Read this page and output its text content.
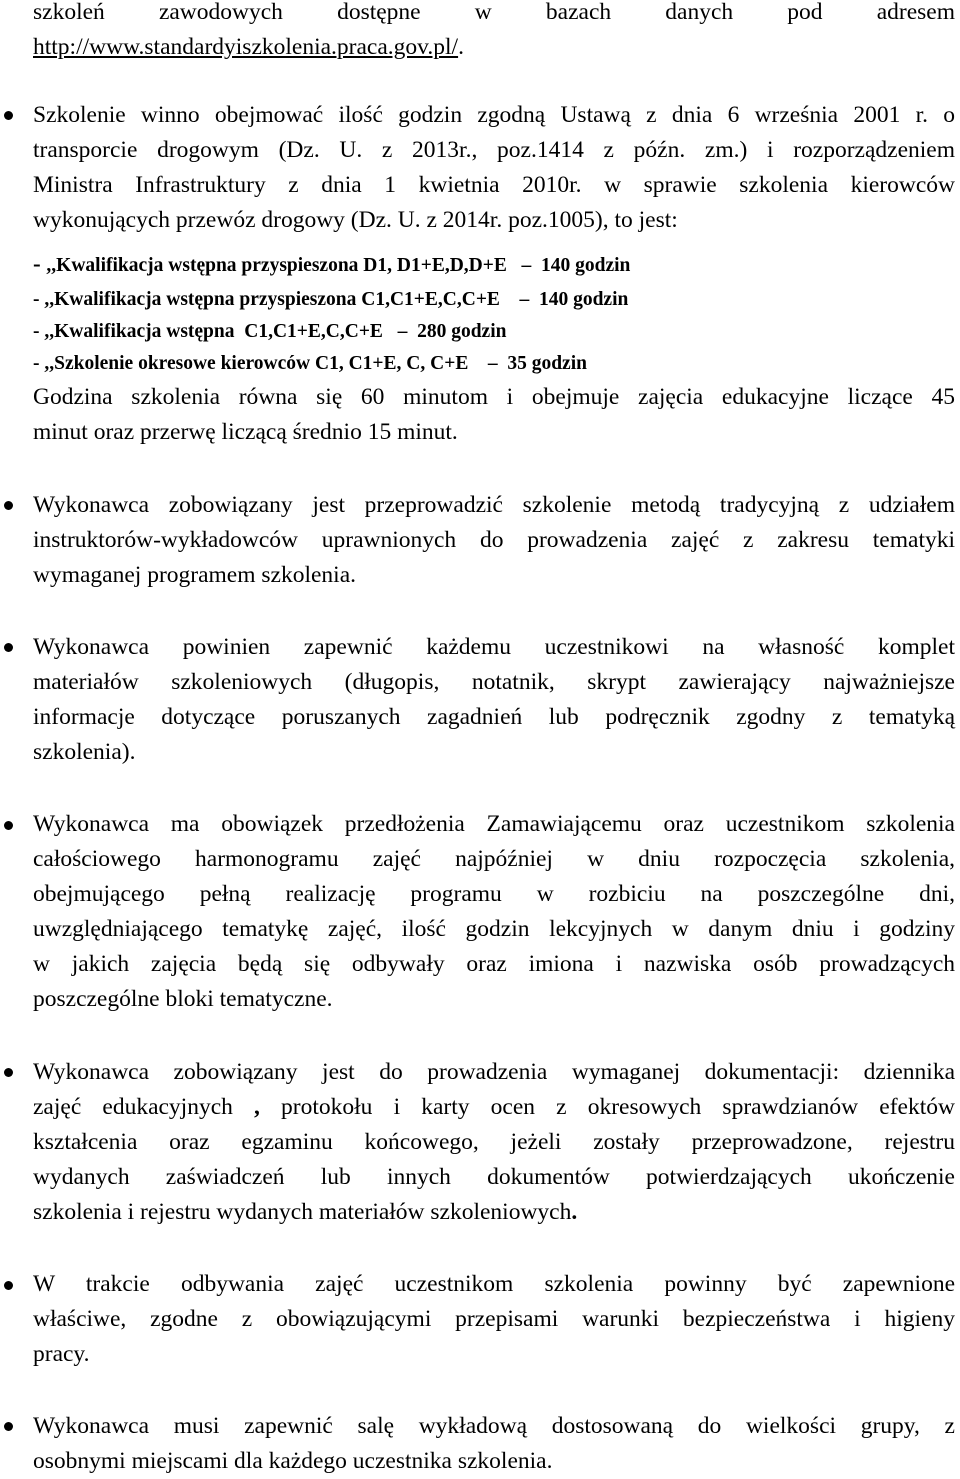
szkoleń zawodowych dostępne w bazach danych pod adresem
http://www.standardyiszkolenia.praca.gov.pl/.
Szkolenie winno obejmować ilość godzin zgodną Ustawą z dnia 6 września 2001 r. o
transporcie drogowym (Dz. U. z 2013r., poz.1414 z późn. zm.) i rozporządzeniem
Ministra Infrastruktury z dnia 1 kwietnia 2010r. w sprawie szkolenia kierowców
wykonujących przewóz drogowy (Dz. U. z 2014r. poz.1005), to jest:
- ,,Kwalifikacja wstępna przyspieszona D1, D1+E,D,D+E   –  140 godzin
- ,,Kwalifikacja wstępna przyspieszona C1,C1+E,C,C+E    –  140 godzin
- ,,Kwalifikacja wstępna  C1,C1+E,C,C+E   –  280 godzin
- ,,Szkolenie okresowe kierowców C1, C1+E, C, C+E    –  35 godzin
Godzina szkolenia równa się 60 minutom i obejmuje zajęcia edukacyjne liczące 45
minut oraz przerwę liczącą średnio 15 minut.
Wykonawca zobowiązany jest przeprowadzić szkolenie metodą tradycyjną z udziałem
instruktorów-wykładowców uprawnionych do prowadzenia zajęć z zakresu tematyki
wymaganej programem szkolenia.
Wykonawca powinien zapewnić każdemu uczestnikowi na własność komplet
materiałów szkoleniowych (długopis, notatnik, skrypt zawierający najważniejsze
informacje dotyczące poruszanych zagadnień lub podręcznik zgodny z tematyką
szkolenia).
Wykonawca ma obowiązek przedłożenia Zamawiającemu oraz uczestnikom szkolenia
całościowego harmonogramu zajęć najpóźniej w dniu rozpoczęcia szkolenia,
obejmującego pełną realizację programu w rozbiciu na poszczególne dni,
uwzględniającego tematykę zajęć, ilość godzin lekcyjnych w danym dniu i godziny
w jakich zajęcia będą się odbywały oraz imiona i nazwiska osób prowadzących
poszczególne bloki tematyczne.
Wykonawca zobowiązany jest do prowadzenia wymaganej dokumentacji: dziennika
zajęć edukacyjnych , protokołu i karty ocen z okresowych sprawdzianów efektów
kształcenia oraz egzaminu końcowego, jeżeli zostały przeprowadzone, rejestru
wydanych zaświadczeń lub innych dokumentów potwierdzających ukończenie
szkolenia i rejestru wydanych materiałów szkoleniowych.
W trakcie odbywania zajęć uczestnikom szkolenia powinny być zapewnione
właściwe, zgodne z obowiązującymi przepisami warunki bezpieczeństwa i higieny
pracy.
Wykonawca musi zapewnić salę wykładową dostosowaną do wielkości grupy, z
osobnymi miejscami dla każdego uczestnika szkolenia.
